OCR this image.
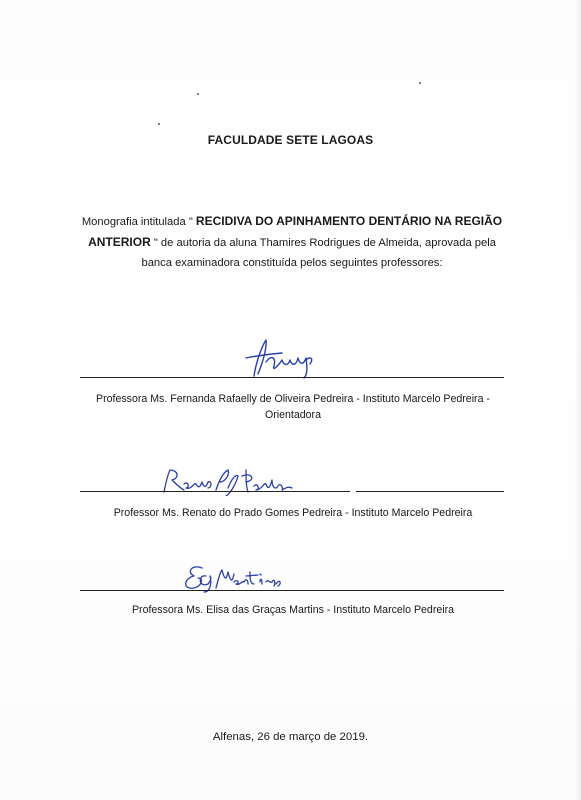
FACULDADE SETE LAGOAS
Monografia intitulada " RECIDIVA DO APINHAMENTO DENTÁRIO NA REGIÃO ANTERIOR " de autoria da aluna Thamires Rodrigues de Almeida, aprovada pela banca examinadora constituída pelos seguintes professores:
Professora Ms. Fernanda Rafaelly de Oliveira Pedreira - Instituto Marcelo Pedreira -
Orientadora
Professor Ms. Renato do Prado Gomes Pedreira - Instituto Marcelo Pedreira
Professora Ms. Elisa das Graças Martins - Instituto Marcelo Pedreira
Alfenas, 26 de março de 2019.
